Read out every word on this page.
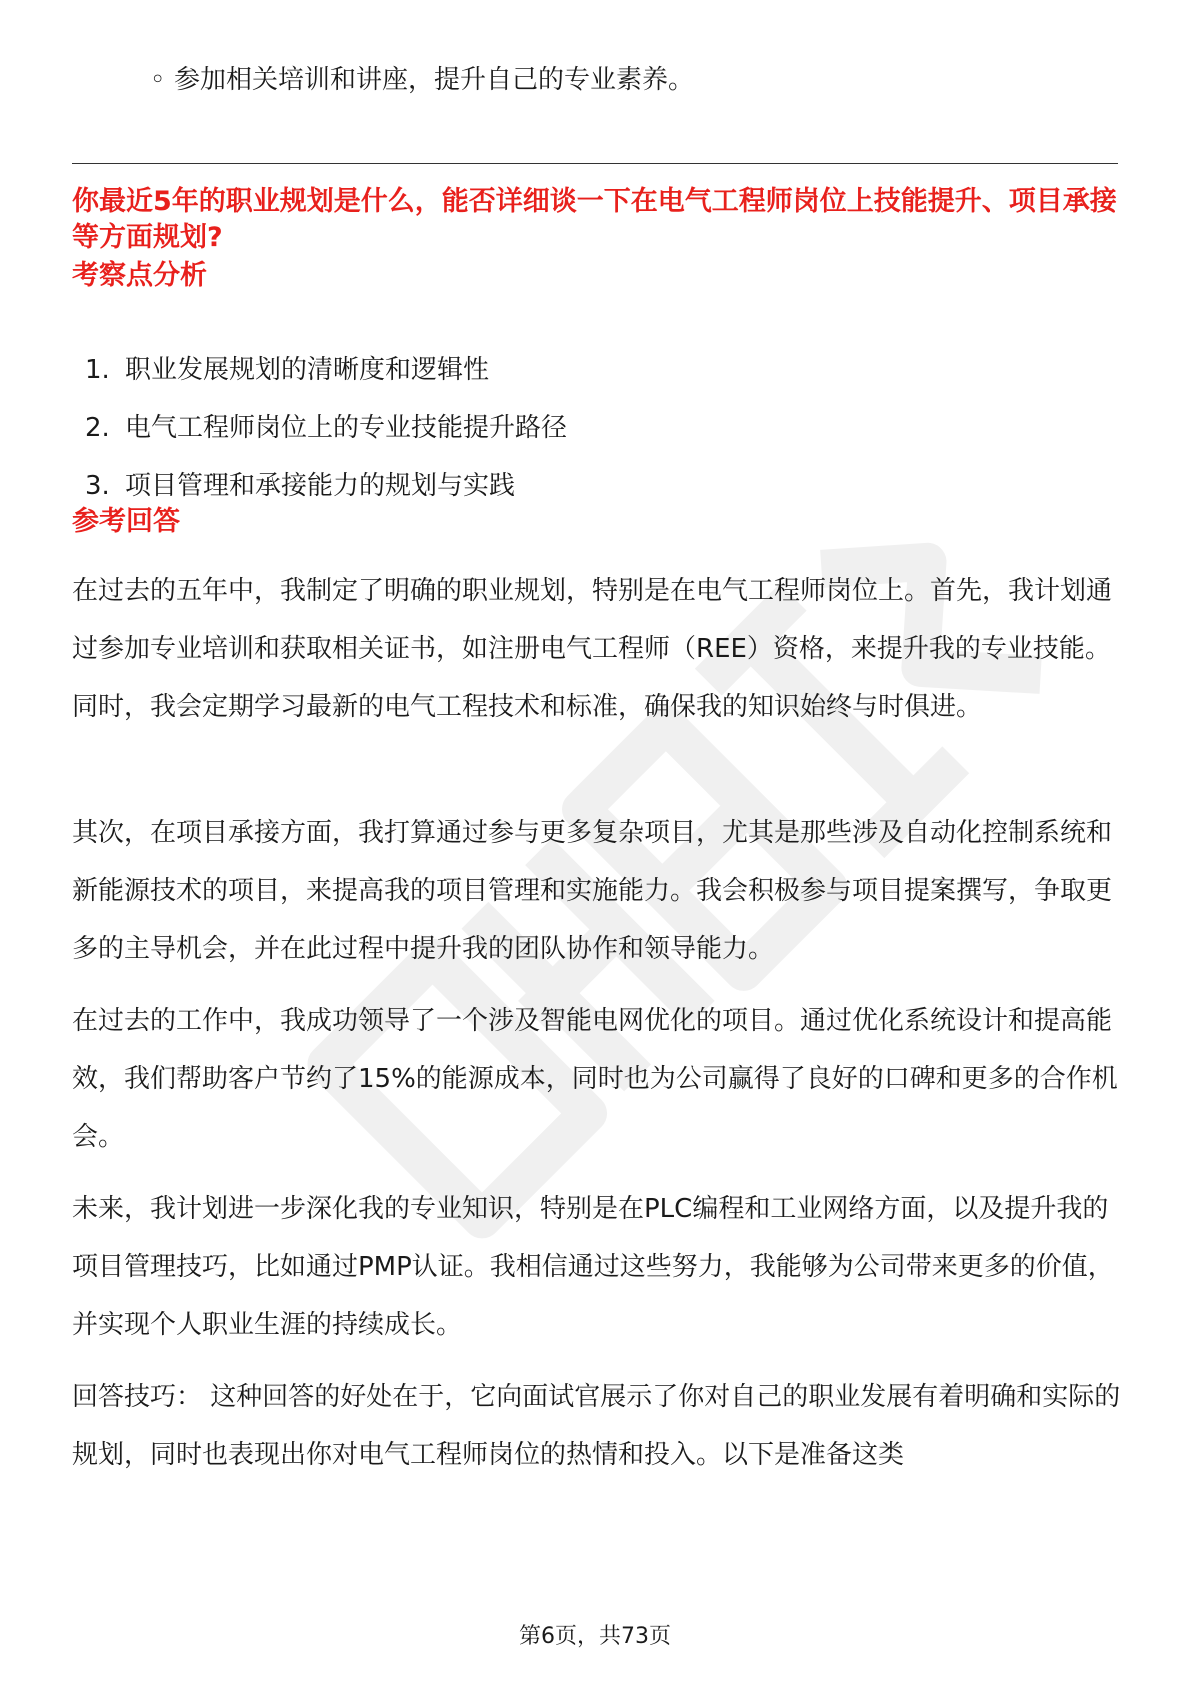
◦ 参加相关培训和讲座，提升自己的专业素养。
你最近5年的职业规划是什么，能否详细谈一下在电气工程师岗位上技能提升、项目承接等方面规划?
考察点分析
1. 职业发展规划的清晰度和逻辑性
2. 电气工程师岗位上的专业技能提升路径
3. 项目管理和承接能力的规划与实践
参考回答

在过去的五年中，我制定了明确的职业规划，特别是在电气工程师岗位上。首先，我计划通过参加专业培训和获取相关证书，如注册电气工程师（REE）资格，来提升我的专业技能。同时，我会定期学习最新的电气工程技术和标准，确保我的知识始终与时俱进。

其次，在项目承接方面，我打算通过参与更多复杂项目，尤其是那些涉及自动化控制系统和新能源技术的项目，来提高我的项目管理和实施能力。我会积极参与项目提案撰写，争取更多的主导机会，并在此过程中提升我的团队协作和领导能力。

在过去的工作中，我成功领导了一个涉及智能电网优化的项目。通过优化系统设计和提高能效，我们帮助客户节约了15%的能源成本，同时也为公司赢得了良好的口碑和更多的合作机会。

未来，我计划进一步深化我的专业知识，特别是在PLC编程和工业网络方面，以及提升我的项目管理技巧，比如通过PMP认证。我相信通过这些努力，我能够为公司带来更多的价值，并实现个人职业生涯的持续成长。

回答技巧： 这种回答的好处在于，它向面试官展示了你对自己的职业发展有着明确和实际的规划，同时也表现出你对电气工程师岗位的热情和投入。以下是准备这类

第6页，共73页
